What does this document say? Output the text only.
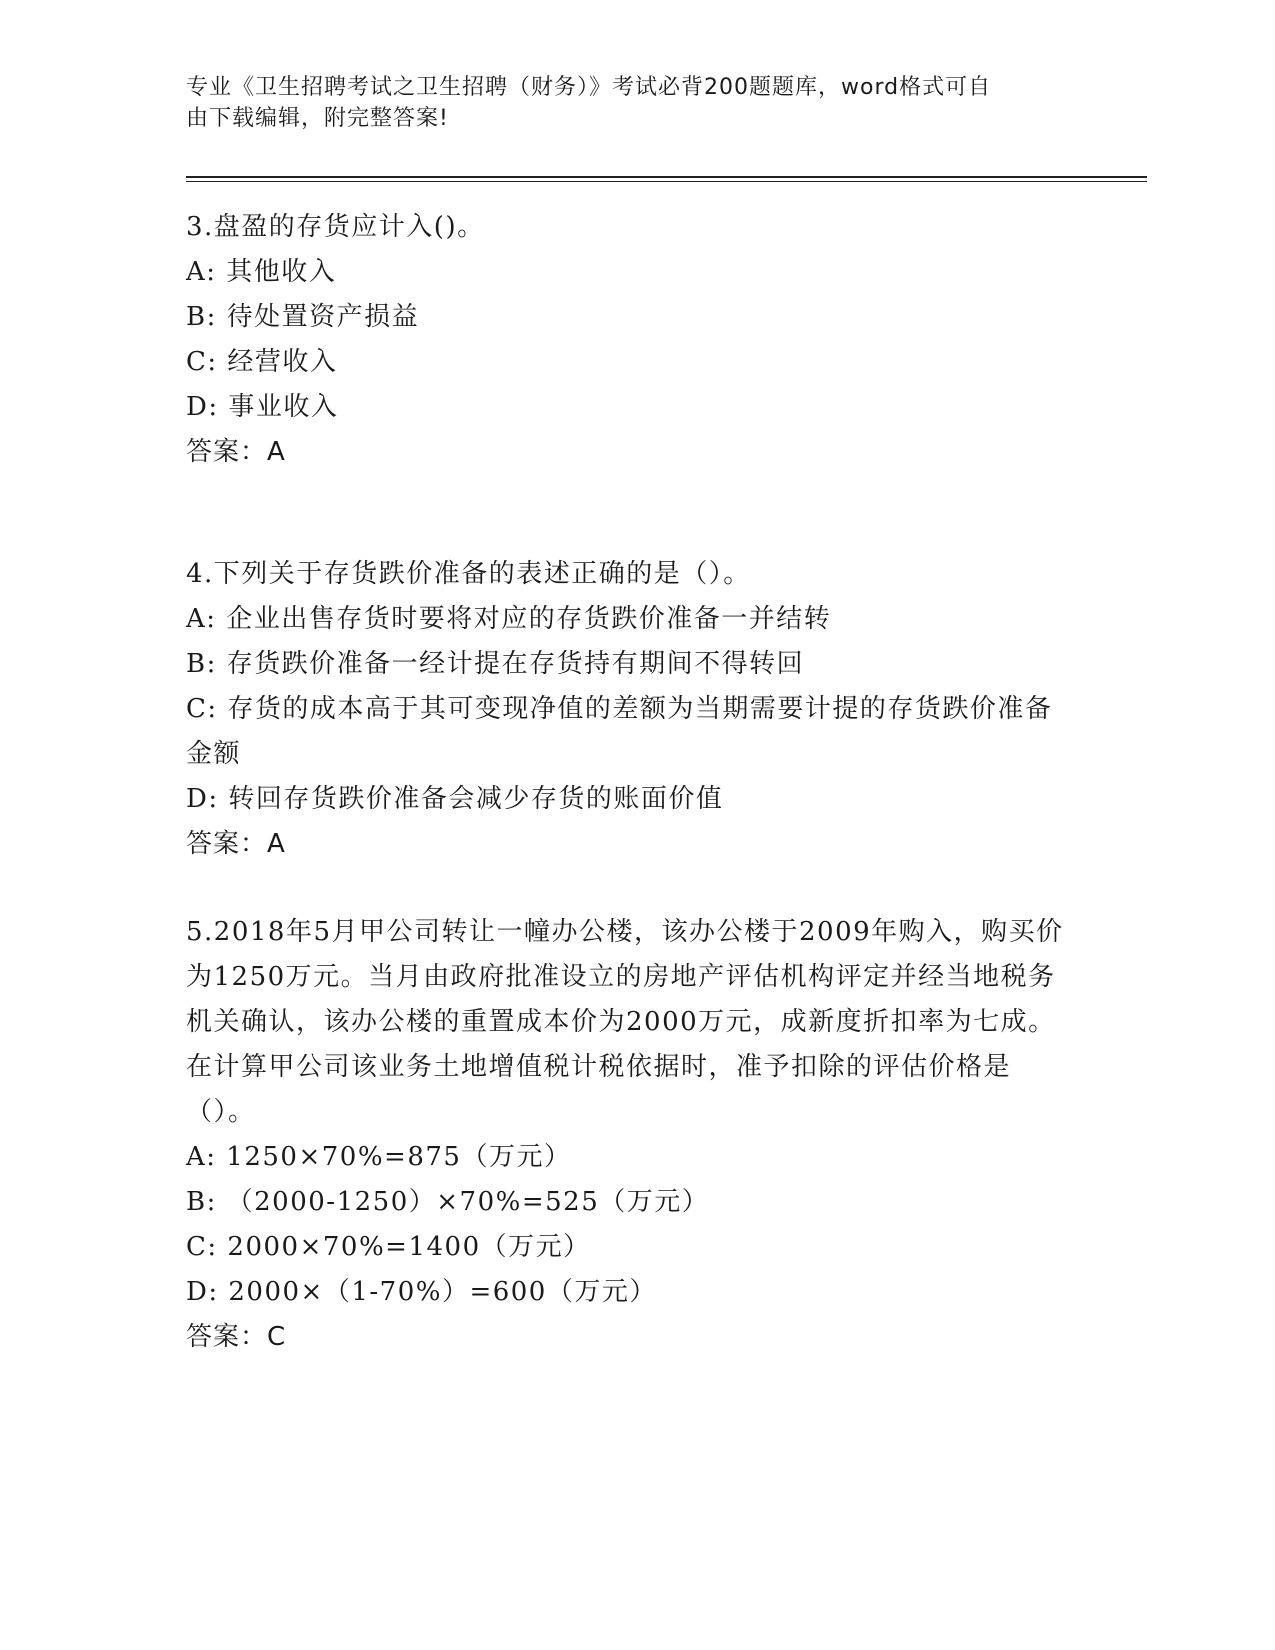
专业《卫生招聘考试之卫生招聘（财务）》考试必背200题题库，word格式可自
由下载编辑，附完整答案!

3.盘盈的存货应计入()。

A: 其他收入

B: 待处置资产损益

C: 经营收入

D: 事业收入

答案：A

4.下列关于存货跌价准备的表述正确的是（）。

A: 企业出售存货时要将对应的存货跌价准备一并结转

B: 存货跌价准备一经计提在存货持有期间不得转回

C: 存货的成本高于其可变现净值的差额为当期需要计提的存货跌价准备金额

D: 转回存货跌价准备会减少存货的账面价值

答案：A

5.2018年5月甲公司转让一幢办公楼，该办公楼于2009年购入，购买价为1250万元。当月由政府批准设立的房地产评估机构评定并经当地税务机关确认，该办公楼的重置成本价为2000万元，成新度折扣率为七成。在计算甲公司该业务土地增值税计税依据时，准予扣除的评估价格是（）。

A: 1250×70%=875（万元）

B: （2000-1250）×70%=525（万元）

C: 2000×70%=1400（万元）

D: 2000×（1-70%）=600（万元）

答案：C
